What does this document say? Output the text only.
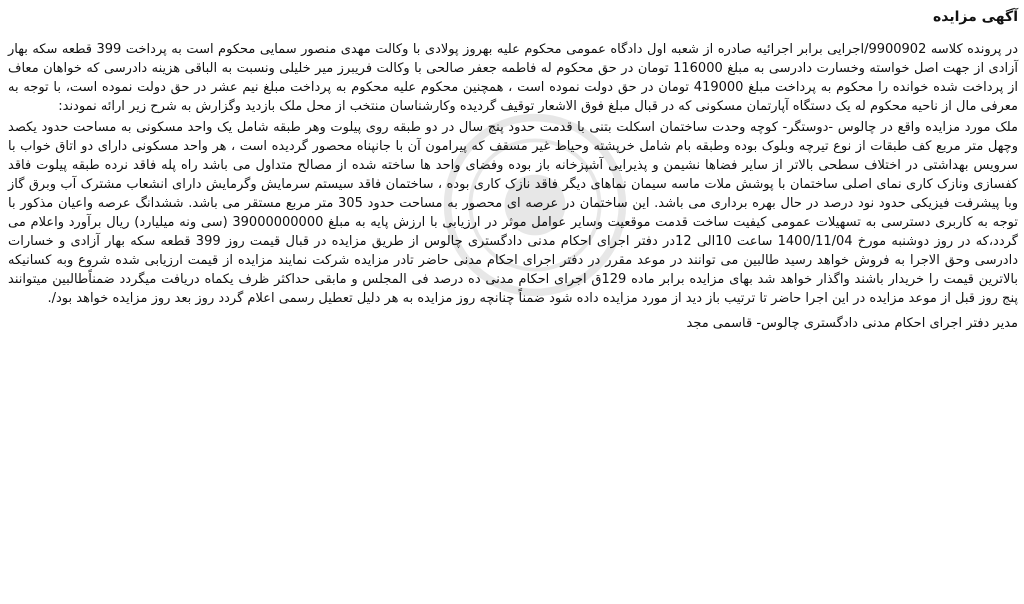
آگهی مزایده
در پرونده کلاسه 9900902/اجرایی برابر اجرائیه صادره از شعبه اول دادگاه عمومی محکوم علیه بهروز پولادی با وکالت مهدی منصور سمایی محکوم است به پرداخت 399 قطعه سکه بهار آزادی از جهت اصل خواسته وخسارت دادرسی به مبلغ 116000 تومان در حق محکوم له فاطمه جعفر صالحی با وکالت فریبرز میر خلیلی ونسبت به الباقی هزینه دادرسی که خواهان معاف از پرداخت شده خوانده را محکوم به پرداخت مبلغ 419000 تومان در حق دولت نموده است ، همچنین محکوم علیه محکوم به پرداخت مبلغ نیم عشر در حق دولت نموده است، با توجه به معرفی مال از ناحیه محکوم له یک دستگاه آپارتمان مسکونی که در قبال مبلغ فوق الاشعار توقیف گردیده وکارشناسان منتخب از محل ملک بازدید وگزارش به شرح زیر ارائه نمودند:
ملک مورد مزایده واقع در چالوس -دوستگر- کوچه وحدت ساختمان اسکلت بتنی با قدمت حدود پنج سال در دو طبقه روی پیلوت وهر طبقه شامل یک واحد مسکونی به مساحت حدود یکصد وچهل متر مربع کف طبقات از نوع تیرچه وبلوک بوده وطبقه بام شامل خرپشته وحیاط غیر مسقف که پیرامون آن با جانپناه محصور گردیده است ، هر واحد مسکونی دارای دو اتاق خواب با سرویس بهداشتی در اختلاف سطحی بالاتر از سایر فضاها نشیمن و پذیرایی آشپزخانه باز بوده وفضای واحد ها ساخته شده از مصالح متداول می باشد راه پله فاقد نرده طبقه پیلوت فاقد کفسازی ونازک کاری نمای اصلی ساختمان با پوشش ملات ماسه سیمان نماهای دیگر فاقد نازک کاری بوده ، ساختمان فاقد سیستم سرمایش وگرمایش دارای انشعاب مشترک آب وبرق گاز وبا پیشرفت فیزیکی حدود نود درصد در حال بهره برداری می باشد. این ساختمان در عرصه ای محصور به مساحت حدود 305 متر مربع مستقر می باشد. ششدانگ عرصه واعیان مذکور با توجه به کاربری دسترسی به تسهیلات عمومی کیفیت ساخت قدمت موقعیت وسایر عوامل موثر در ارزیابی با ارزش پایه به مبلغ 39000000000 (سی ونه میلیارد) ریال برآورد واعلام می گردد،که در روز دوشنبه مورخ 1400/11/04 ساعت 10الی 12در دفتر اجرای احکام مدنی دادگستری چالوس از طریق مزایده در قبال قیمت روز 399 قطعه سکه بهار آزادی و خسارات دادرسی وحق الاجرا به فروش خواهد رسید طالبین می توانند در موعد مقرر در دفتر اجرای احکام مدنی حاضر تادر مزایده شرکت نمایند مزایده از قیمت ارزیابی شده شروع وبه کسانیکه بالاترین قیمت را خریدار باشند واگذار خواهد شد بهای مزایده برابر ماده 129ق اجرای احکام مدنی ده درصد فی المجلس و مابقی حداکثر ظرف یکماه دریافت میگردد ضمناًطالبین میتوانند پنج روز قبل از موعد مزایده در این اجرا حاضر تا ترتیب باز دید از مورد مزایده داده شود ضمناً چنانچه روز مزایده به هر دلیل تعطیل رسمی اعلام گردد روز بعد روز مزایده خواهد بود/.
مدیر دفتر اجرای احکام مدنی دادگستری چالوس- قاسمی مجد
